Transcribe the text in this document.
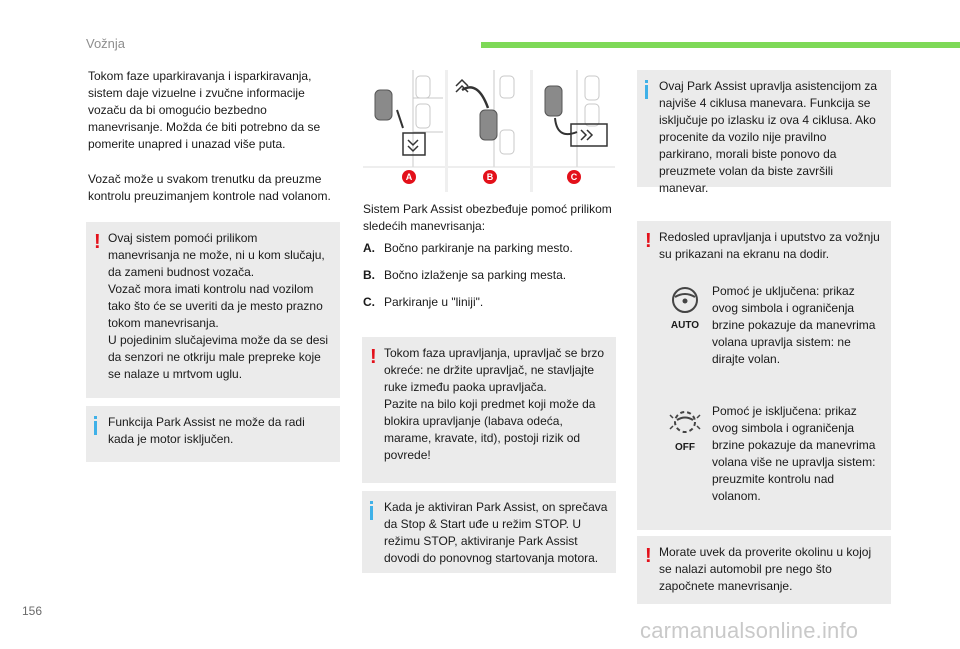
Vožnja
Tokom faze uparkiravanja i isparkiravanja, sistem daje vizuelne i zvučne informacije vozaču da bi omogućio bezbedno manevrisanje. Možda će biti potrebno da se pomerite unapred i unazad više puta.
Vozač može u svakom trenutku da preuzme kontrolu preuzimanjem kontrole nad volanom.
! Ovaj sistem pomoći prilikom manevrisanja ne može, ni u kom slučaju, da zameni budnost vozača.
Vozač mora imati kontrolu nad vozilom tako što će se uveriti da je mesto prazno tokom manevrisanja.
U pojedinim slučajevima može da se desi da senzori ne otkriju male prepreke koje se nalaze u mrtvom uglu.
Funkcija Park Assist ne može da radi kada je motor isključen.
A	B	C
Sistem Park Assist obezbeđuje pomoć prilikom sledećih manevrisanja:
A. Bočno parkiranje na parking mesto.
B. Bočno izlaženje sa parking mesta.
C. Parkiranje u "liniji".
! Tokom faza upravljanja, upravljač se brzo okreće: ne držite upravljač, ne stavljajte ruke između paoka upravljača.
Pazite na bilo koji predmet koji može da blokira upravljanje (labava odeća, marame, kravate, itd), postoji rizik od povrede!
Kada je aktiviran Park Assist, on sprečava da Stop & Start uđe u režim STOP. U režimu STOP, aktiviranje Park Assist dovodi do ponovnog startovanja motora.
Ovaj Park Assist upravlja asistencijom za najviše 4 ciklusa manevara. Funkcija se isključuje po izlasku iz ova 4 ciklusa. Ako procenite da vozilo nije pravilno parkirano, morali biste ponovo da preuzmete volan da biste završili manevar.
! Redosled upravljanja i uputstvo za vožnju su prikazani na ekranu na dodir.
AUTO
Pomoć je uključena: prikaz ovog simbola i ograničenja brzine pokazuje da manevrima volana upravlja sistem: ne dirajte volan.
OFF
Pomoć je isključena: prikaz ovog simbola i ograničenja brzine pokazuje da manevrima volana više ne upravlja sistem: preuzmite kontrolu nad volanom.
! Morate uvek da proverite okolinu u kojoj se nalazi automobil pre nego što započnete manevrisanje.
156
carmanualsonline.info
